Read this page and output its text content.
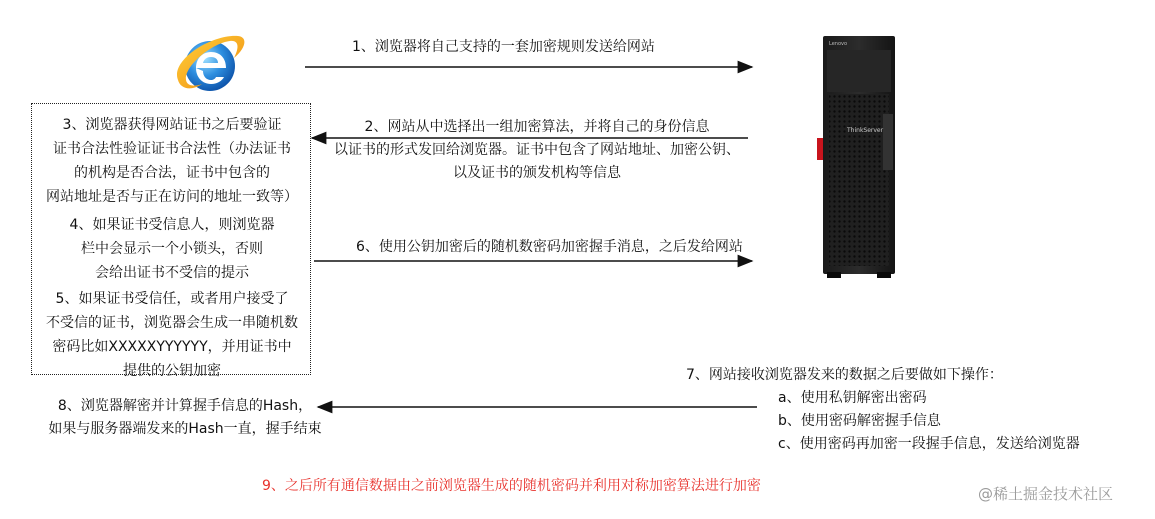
Lenovo
ThinkServer
1、浏览器将自己支持的一套加密规则发送给网站
2、网站从中选择出一组加密算法，并将自己的身份信息
以证书的形式发回给浏览器。证书中包含了网站地址、加密公钥、
以及证书的颁发机构等信息
3、浏览器获得网站证书之后要验证
证书合法性验证证书合法性（办法证书
的机构是否合法，证书中包含的
网站地址是否与正在访问的地址一致等）
4、如果证书受信息人，则浏览器
栏中会显示一个小锁头，否则
会给出证书不受信的提示
5、如果证书受信任，或者用户接受了
不受信的证书，浏览器会生成一串随机数
密码比如XXXXXYYYYYY，并用证书中
提供的公钥加密
6、使用公钥加密后的随机数密码加密握手消息，之后发给网站
7、网站接收浏览器发来的数据之后要做如下操作：
a、使用私钥解密出密码
b、使用密码解密握手信息
c、使用密码再加密一段握手信息，发送给浏览器
8、浏览器解密并计算握手信息的Hash，
如果与服务器端发来的Hash一直，握手结束
9、之后所有通信数据由之前浏览器生成的随机密码并利用对称加密算法进行加密	@稀土掘金技术社区
